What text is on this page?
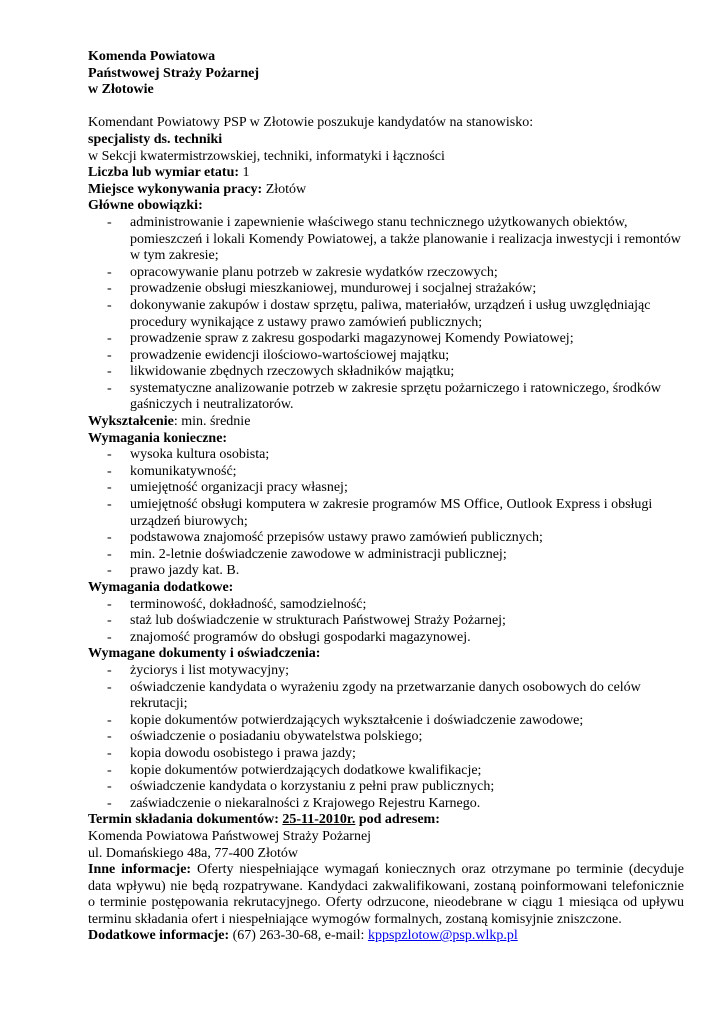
Komenda Powiatowa
Państwowej Straży Pożarnej
w Złotowie
Komendant Powiatowy PSP w Złotowie poszukuje kandydatów na stanowisko:
specjalisty ds. techniki
w Sekcji kwatermistrzowskiej, techniki, informatyki i łączności
Liczba lub wymiar etatu: 1
Miejsce wykonywania pracy: Złotów
Główne obowiązki:
- administrowanie i zapewnienie właściwego stanu technicznego użytkowanych obiektów, pomieszczeń i lokali Komendy Powiatowej, a także planowanie i realizacja inwestycji i remontów w tym zakresie;
- opracowywanie planu potrzeb w zakresie wydatków rzeczowych;
- prowadzenie obsługi mieszkaniowej, mundurowej i socjalnej strażaków;
- dokonywanie zakupów i dostaw sprzętu, paliwa, materiałów, urządzeń i usług uwzględniając procedury wynikające z ustawy prawo zamówień publicznych;
- prowadzenie spraw z zakresu gospodarki magazynowej Komendy Powiatowej;
- prowadzenie ewidencji ilościowo-wartościowej majątku;
- likwidowanie zbędnych rzeczowych składników majątku;
- systematyczne analizowanie potrzeb w zakresie sprzętu pożarniczego i ratowniczego, środków gaśniczych i neutralizatorów.
Wykształcenie: min. średnie
Wymagania konieczne:
- wysoka kultura osobista;
- komunikatywność;
- umiejętność organizacji pracy własnej;
- umiejętność obsługi komputera w zakresie programów MS Office, Outlook Express i obsługi urządzeń biurowych;
- podstawowa znajomość przepisów ustawy prawo zamówień publicznych;
- min. 2-letnie doświadczenie zawodowe w administracji publicznej;
- prawo jazdy kat. B.
Wymagania dodatkowe:
- terminowość, dokładność, samodzielność;
- staż lub doświadczenie w strukturach Państwowej Straży Pożarnej;
- znajomość programów do obsługi gospodarki magazynowej.
Wymagane dokumenty i oświadczenia:
- życiorys i list motywacyjny;
- oświadczenie kandydata o wyrażeniu zgody na przetwarzanie danych osobowych do celów rekrutacji;
- kopie dokumentów potwierdzających wykształcenie i doświadczenie zawodowe;
- oświadczenie o posiadaniu obywatelstwa polskiego;
- kopia dowodu osobistego i prawa jazdy;
- kopie dokumentów potwierdzających dodatkowe kwalifikacje;
- oświadczenie kandydata o korzystaniu z pełni praw publicznych;
- zaświadczenie o niekaralności z Krajowego Rejestru Karnego.
Termin składania dokumentów: 25-11-2010r. pod adresem:
Komenda Powiatowa Państwowej Straży Pożarnej
ul. Domańskiego 48a, 77-400 Złotów
Inne informacje: Oferty niespełniające wymagań koniecznych oraz otrzymane po terminie (decyduje data wpływu) nie będą rozpatrywane. Kandydaci zakwalifikowani, zostaną poinformowani telefonicznie o terminie postępowania rekrutacyjnego. Oferty odrzucone, nieodebrane w ciągu 1 miesiąca od upływu terminu składania ofert i niespełniające wymogów formalnych, zostaną komisyjnie zniszczone.
Dodatkowe informacje: (67) 263-30-68, e-mail: kppspzlotow@psp.wlkp.pl
